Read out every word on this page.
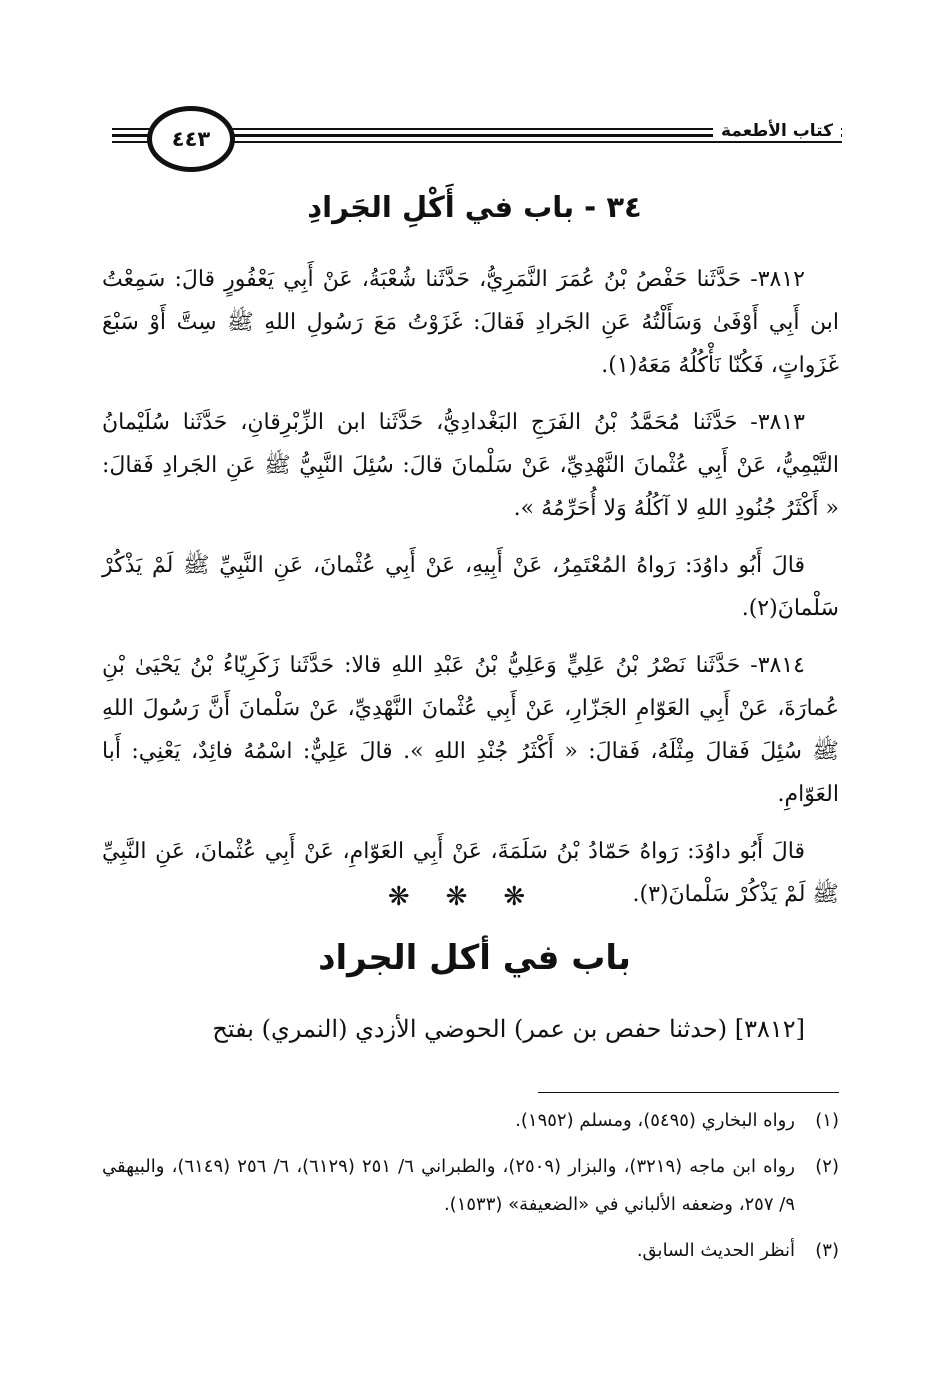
كتاب الأطعمة
٤٤٣
٣٤ - باب في أَكْلِ الجَرادِ

٣٨١٢- حَدَّثَنا حَفْصُ بْنُ عُمَرَ النَّمَرِيُّ، حَدَّثَنا شُعْبَةُ، عَنْ أَبِي يَعْفُورٍ قالَ: سَمِعْتُ ابن أَبِي أَوْفَىٰ وَسَأَلْتُهُ عَنِ الجَرادِ فَقالَ: غَزَوْتُ مَعَ رَسُولِ اللهِ ﷺ سِتَّ أَوْ سَبْعَ غَزَواتٍ، فَكُنّا نَأْكُلُهُ مَعَهُ(١).

٣٨١٣- حَدَّثَنا مُحَمَّدُ بْنُ الفَرَجِ البَغْدادِيُّ، حَدَّثَنا ابن الزِّبْرِقانِ، حَدَّثَنا سُلَيْمانُ التَّيْمِيُّ، عَنْ أَبِي عُثْمانَ النَّهْدِيِّ، عَنْ سَلْمانَ قالَ: سُئِلَ النَّبِيُّ ﷺ عَنِ الجَرادِ فَقالَ: « أَكْثَرُ جُنُودِ اللهِ لا آكُلُهُ وَلا أُحَرِّمُهُ ».

قالَ أَبُو داوُدَ: رَواهُ المُعْتَمِرُ، عَنْ أَبِيهِ، عَنْ أَبِي عُثْمانَ، عَنِ النَّبِيِّ ﷺ لَمْ يَذْكُرْ سَلْمانَ(٢).

٣٨١٤- حَدَّثَنا نَصْرُ بْنُ عَلِيٍّ وَعَلِيُّ بْنُ عَبْدِ اللهِ قالا: حَدَّثَنا زَكَرِيّاءُ بْنُ يَحْيَىٰ بْنِ عُمارَةَ، عَنْ أَبِي العَوّامِ الجَزّارِ، عَنْ أَبِي عُثْمانَ النَّهْدِيِّ، عَنْ سَلْمانَ أَنَّ رَسُولَ اللهِ ﷺ سُئِلَ فَقالَ مِثْلَهُ، فَقالَ: « أَكْثَرُ جُنْدِ اللهِ ». قالَ عَلِيٌّ: اسْمُهُ فائِدٌ، يَعْنِي: أَبا العَوّامِ.

قالَ أَبُو داوُدَ: رَواهُ حَمّادُ بْنُ سَلَمَةَ، عَنْ أَبِي العَوّامِ، عَنْ أَبِي عُثْمانَ، عَنِ النَّبِيِّ ﷺ لَمْ يَذْكُرْ سَلْمانَ(٣).

❋❋❋
باب في أكل الجراد

[٣٨١٢] (حدثنا حفص بن عمر) الحوضي الأزدي (النمري) بفتح

(١)
رواه البخاري (٥٤٩٥)، ومسلم (١٩٥٢).
(٢)
رواه ابن ماجه (٣٢١٩)، والبزار (٢٥٠٩)، والطبراني ٦/ ٢٥١ (٦١٢٩)، ٦/ ٢٥٦ (٦١٤٩)، والبيهقي ٩/ ٢٥٧، وضعفه الألباني في «الضعيفة» (١٥٣٣).
(٣)
أنظر الحديث السابق.
